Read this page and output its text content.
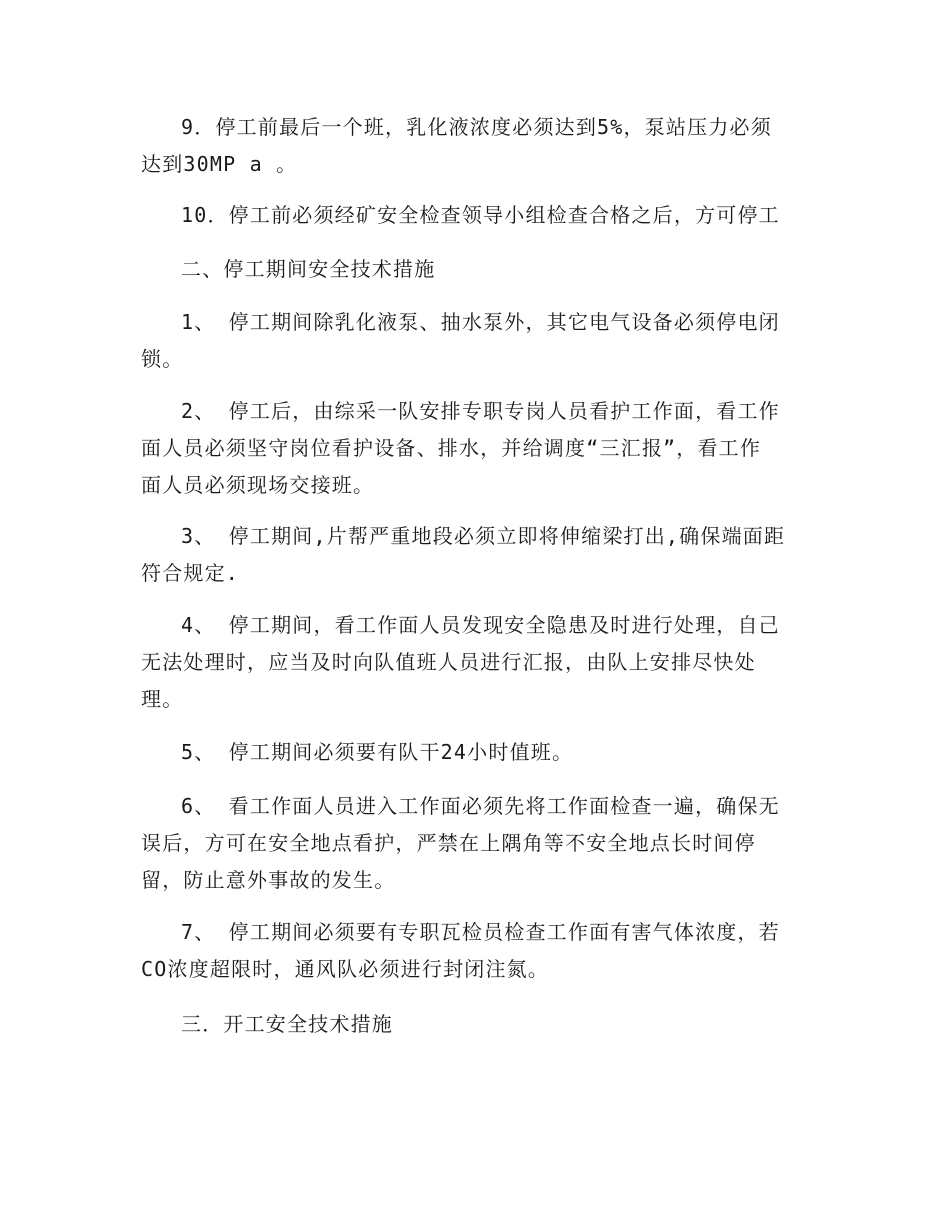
9．停工前最后一个班，乳化液浓度必须达到5%，泵站压力必须
达到30MP a 。

10．停工前必须经矿安全检查领导小组检查合格之后，方可停工

二、停工期间安全技术措施

1、 停工期间除乳化液泵、抽水泵外，其它电气设备必须停电闭
锁。

2、 停工后，由综采一队安排专职专岗人员看护工作面，看工作
面人员必须坚守岗位看护设备、排水，并给调度“三汇报”，看工作
面人员必须现场交接班。

3、 停工期间,片帮严重地段必须立即将伸缩梁打出,确保端面距
符合规定.

4、 停工期间，看工作面人员发现安全隐患及时进行处理，自己
无法处理时，应当及时向队值班人员进行汇报，由队上安排尽快处
理。

5、 停工期间必须要有队干24小时值班。

6、 看工作面人员进入工作面必须先将工作面检查一遍，确保无
误后，方可在安全地点看护，严禁在上隅角等不安全地点长时间停
留，防止意外事故的发生。

7、 停工期间必须要有专职瓦检员检查工作面有害气体浓度，若
CO浓度超限时，通风队必须进行封闭注氮。

三．开工安全技术措施
